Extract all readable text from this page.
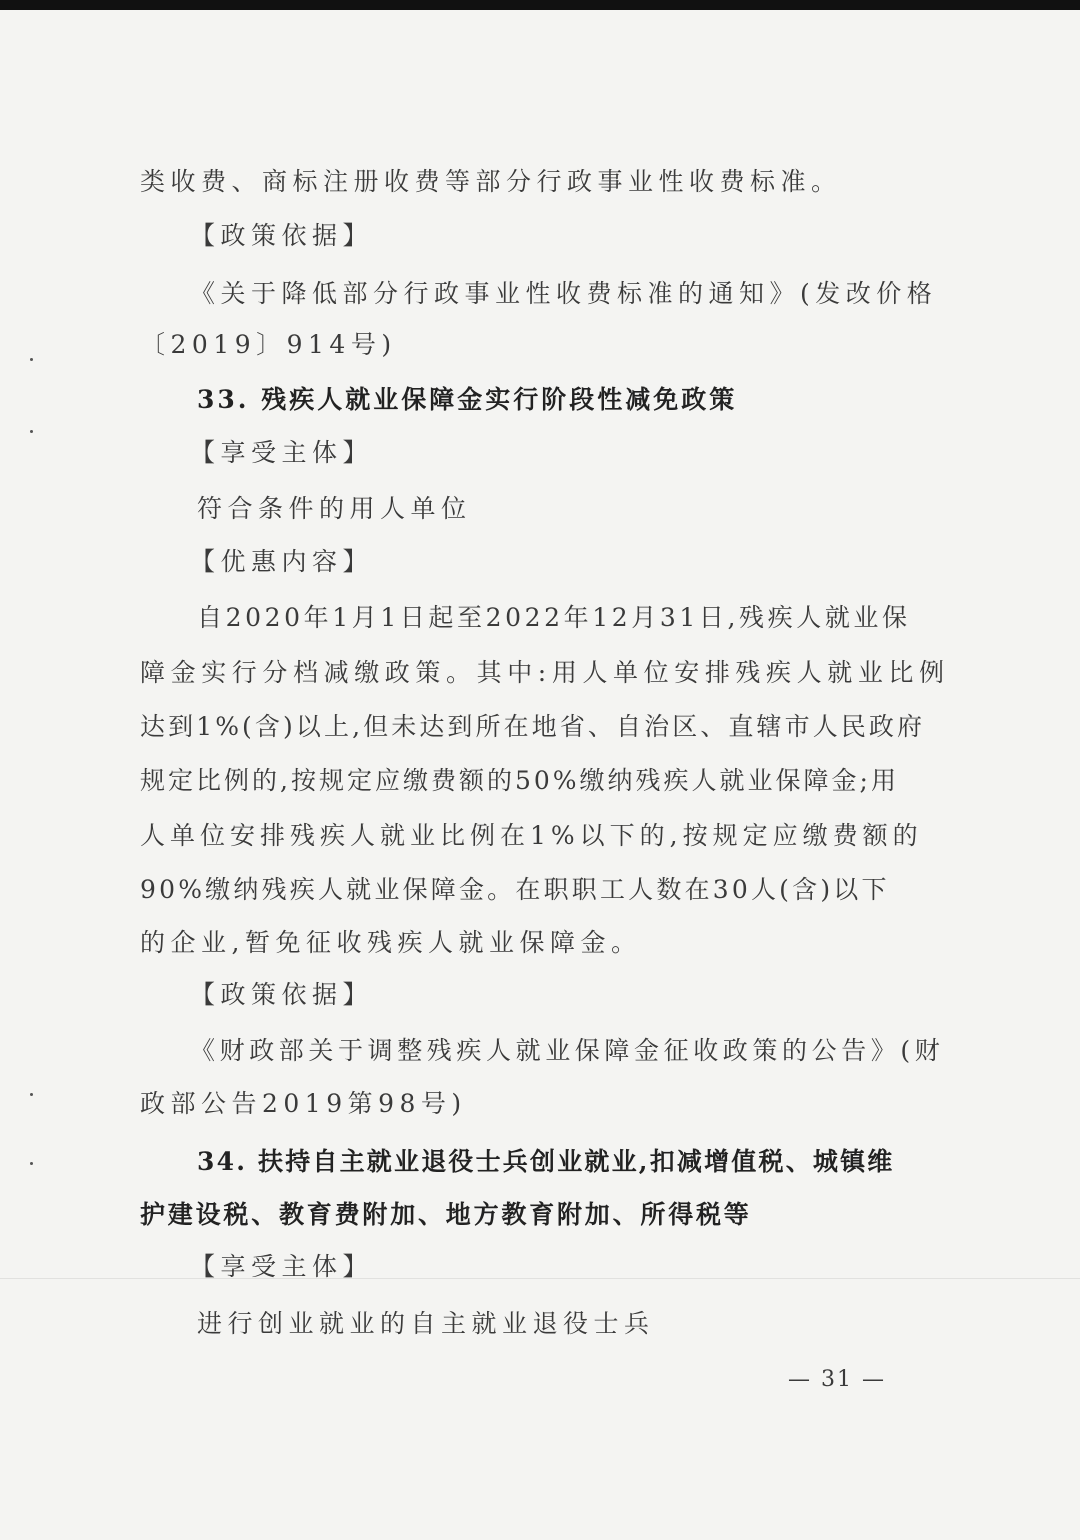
类收费、商标注册收费等部分行政事业性收费标准。

【政策依据】

《关于降低部分行政事业性收费标准的通知》(发改价格

〔2019〕914号)

33. 残疾人就业保障金实行阶段性减免政策

【享受主体】

符合条件的用人单位

【优惠内容】

自2020年1月1日起至2022年12月31日,残疾人就业保

障金实行分档减缴政策。其中:用人单位安排残疾人就业比例

达到1%(含)以上,但未达到所在地省、自治区、直辖市人民政府

规定比例的,按规定应缴费额的50%缴纳残疾人就业保障金;用

人单位安排残疾人就业比例在1%以下的,按规定应缴费额的

90%缴纳残疾人就业保障金。在职职工人数在30人(含)以下

的企业,暂免征收残疾人就业保障金。

【政策依据】

《财政部关于调整残疾人就业保障金征收政策的公告》(财

政部公告2019第98号)

34. 扶持自主就业退役士兵创业就业,扣减增值税、城镇维

护建设税、教育费附加、地方教育附加、所得税等

【享受主体】

进行创业就业的自主就业退役士兵

— 31 —
